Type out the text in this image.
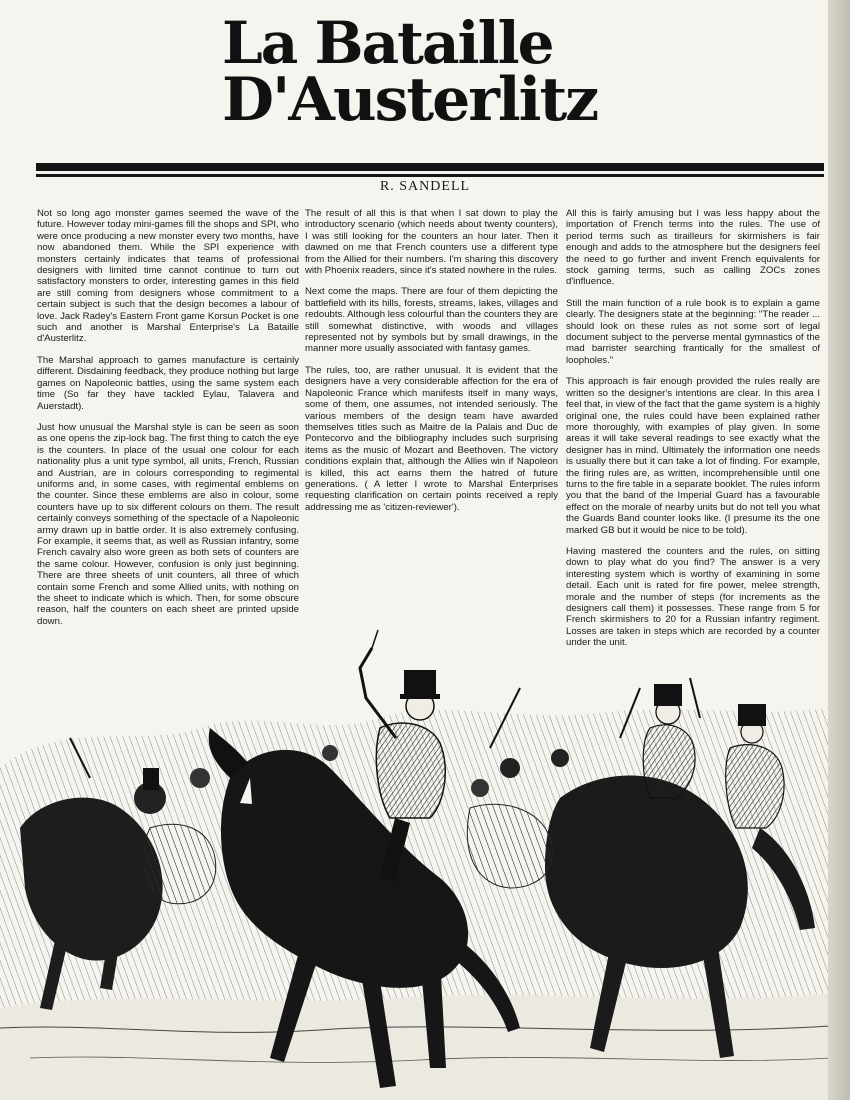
La Bataille
D'Austerlitz
R. SANDELL

Not so long ago monster games seemed the wave of the future. However today mini-games fill the shops and SPI, who were once producing a new monster every two months, have now abandoned them. While the SPI experience with monsters certainly indicates that teams of professional designers with limited time cannot continue to turn out satisfactory monsters to order, interesting games in this field are still coming from designers whose commitment to a certain subject is such that the design becomes a labour of love. Jack Radey's Eastern Front game Korsun Pocket is one such and another is Marshal Enterprise's La Bataille d'Austerlitz.

The Marshal approach to games manufacture is certainly different. Disdaining feedback, they produce nothing but large games on Napoleonic battles, using the same system each time (So far they have tackled Eylau, Talavera and Auerstadt).

Just how unusual the Marshal style is can be seen as soon as one opens the zip-lock bag. The first thing to catch the eye is the counters. In place of the usual one colour for each nationality plus a unit type symbol, all units, French, Russian and Austrian, are in colours corresponding to regimental uniforms and, in some cases, with regimental emblems on the counter. Since these emblems are also in colour, some counters have up to six different colours on them. The result certainly conveys something of the spectacle of a Napoleonic army drawn up in battle order. It is also extremely confusing. For example, it seems that, as well as Russian infantry, some French cavalry also wore green as both sets of counters are the same colour. However, confusion is only just beginning. There are three sheets of unit counters, all three of which contain some French and some Allied units, with nothing on the sheet to indicate which is which. Then, for some obscure reason, half the counters on each sheet are printed upside down.

The result of all this is that when I sat down to play the introductory scenario (which needs about twenty counters), I was still looking for the counters an hour later. Then it dawned on me that French counters use a different type from the Allied for their numbers. I'm sharing this discovery with Phoenix readers, since it's stated nowhere in the rules.

Next come the maps. There are four of them depicting the battlefield with its hills, forests, streams, lakes, villages and redoubts. Although less colourful than the counters they are still somewhat distinctive, with woods and villages represented not by symbols but by small drawings, in the manner more usually associated with fantasy games.

The rules, too, are rather unusual. It is evident that the designers have a very considerable affection for the era of Napoleonic France which manifests itself in many ways, some of them, one assumes, not intended seriously. The various members of the design team have awarded themselves titles such as Maitre de la Palais and Duc de Pontecorvo and the bibliography includes such surprising items as the music of Mozart and Beethoven. The victory conditions explain that, although the Allies win if Napoleon is killed, this act earns them the hatred of future generations. ( A letter I wrote to Marshal Enterprises requesting clarification on certain points received a reply addressing me as 'citizen-reviewer').

All this is fairly amusing but I was less happy about the importation of French terms into the rules. The use of period terms such as tirailleurs for skirmishers is fair enough and adds to the atmosphere but the designers feel the need to go further and invent French equivalents for stock gaming terms, such as calling ZOCs zones d'influence.

Still the main function of a rule book is to explain a game clearly. The designers state at the beginning: "The reader ... should look on these rules as not some sort of legal document subject to the perverse mental gymnastics of the mad barrister searching frantically for the smallest of loopholes."

This approach is fair enough provided the rules really are written so the designer's intentions are clear. In this area I feel that, in view of the fact that the game system is a highly original one, the rules could have been explained rather more thoroughly, with examples of play given. In some areas it will take several readings to see exactly what the designer has in mind. Ultimately the information one needs is usually there but it can take a lot of finding. For example, the firing rules are, as written, incomprehensible until one turns to the fire table in a separate booklet. The rules inform you that the band of the Imperial Guard has a favourable effect on the morale of nearby units but do not tell you what the Guards Band counter looks like. (I presume its the one marked GB but it would be nice to be told).

Having mastered the counters and the rules, on sitting down to play what do you find? The answer is a very interesting system which is worthy of examining in some detail. Each unit is rated for fire power, melee strength, morale and the number of steps (for increments as the designers call them) it possesses. These range from 5 for French skirmishers to 20 for a Russian infantry regiment. Losses are taken in steps which are recorded by a counter under the unit.
